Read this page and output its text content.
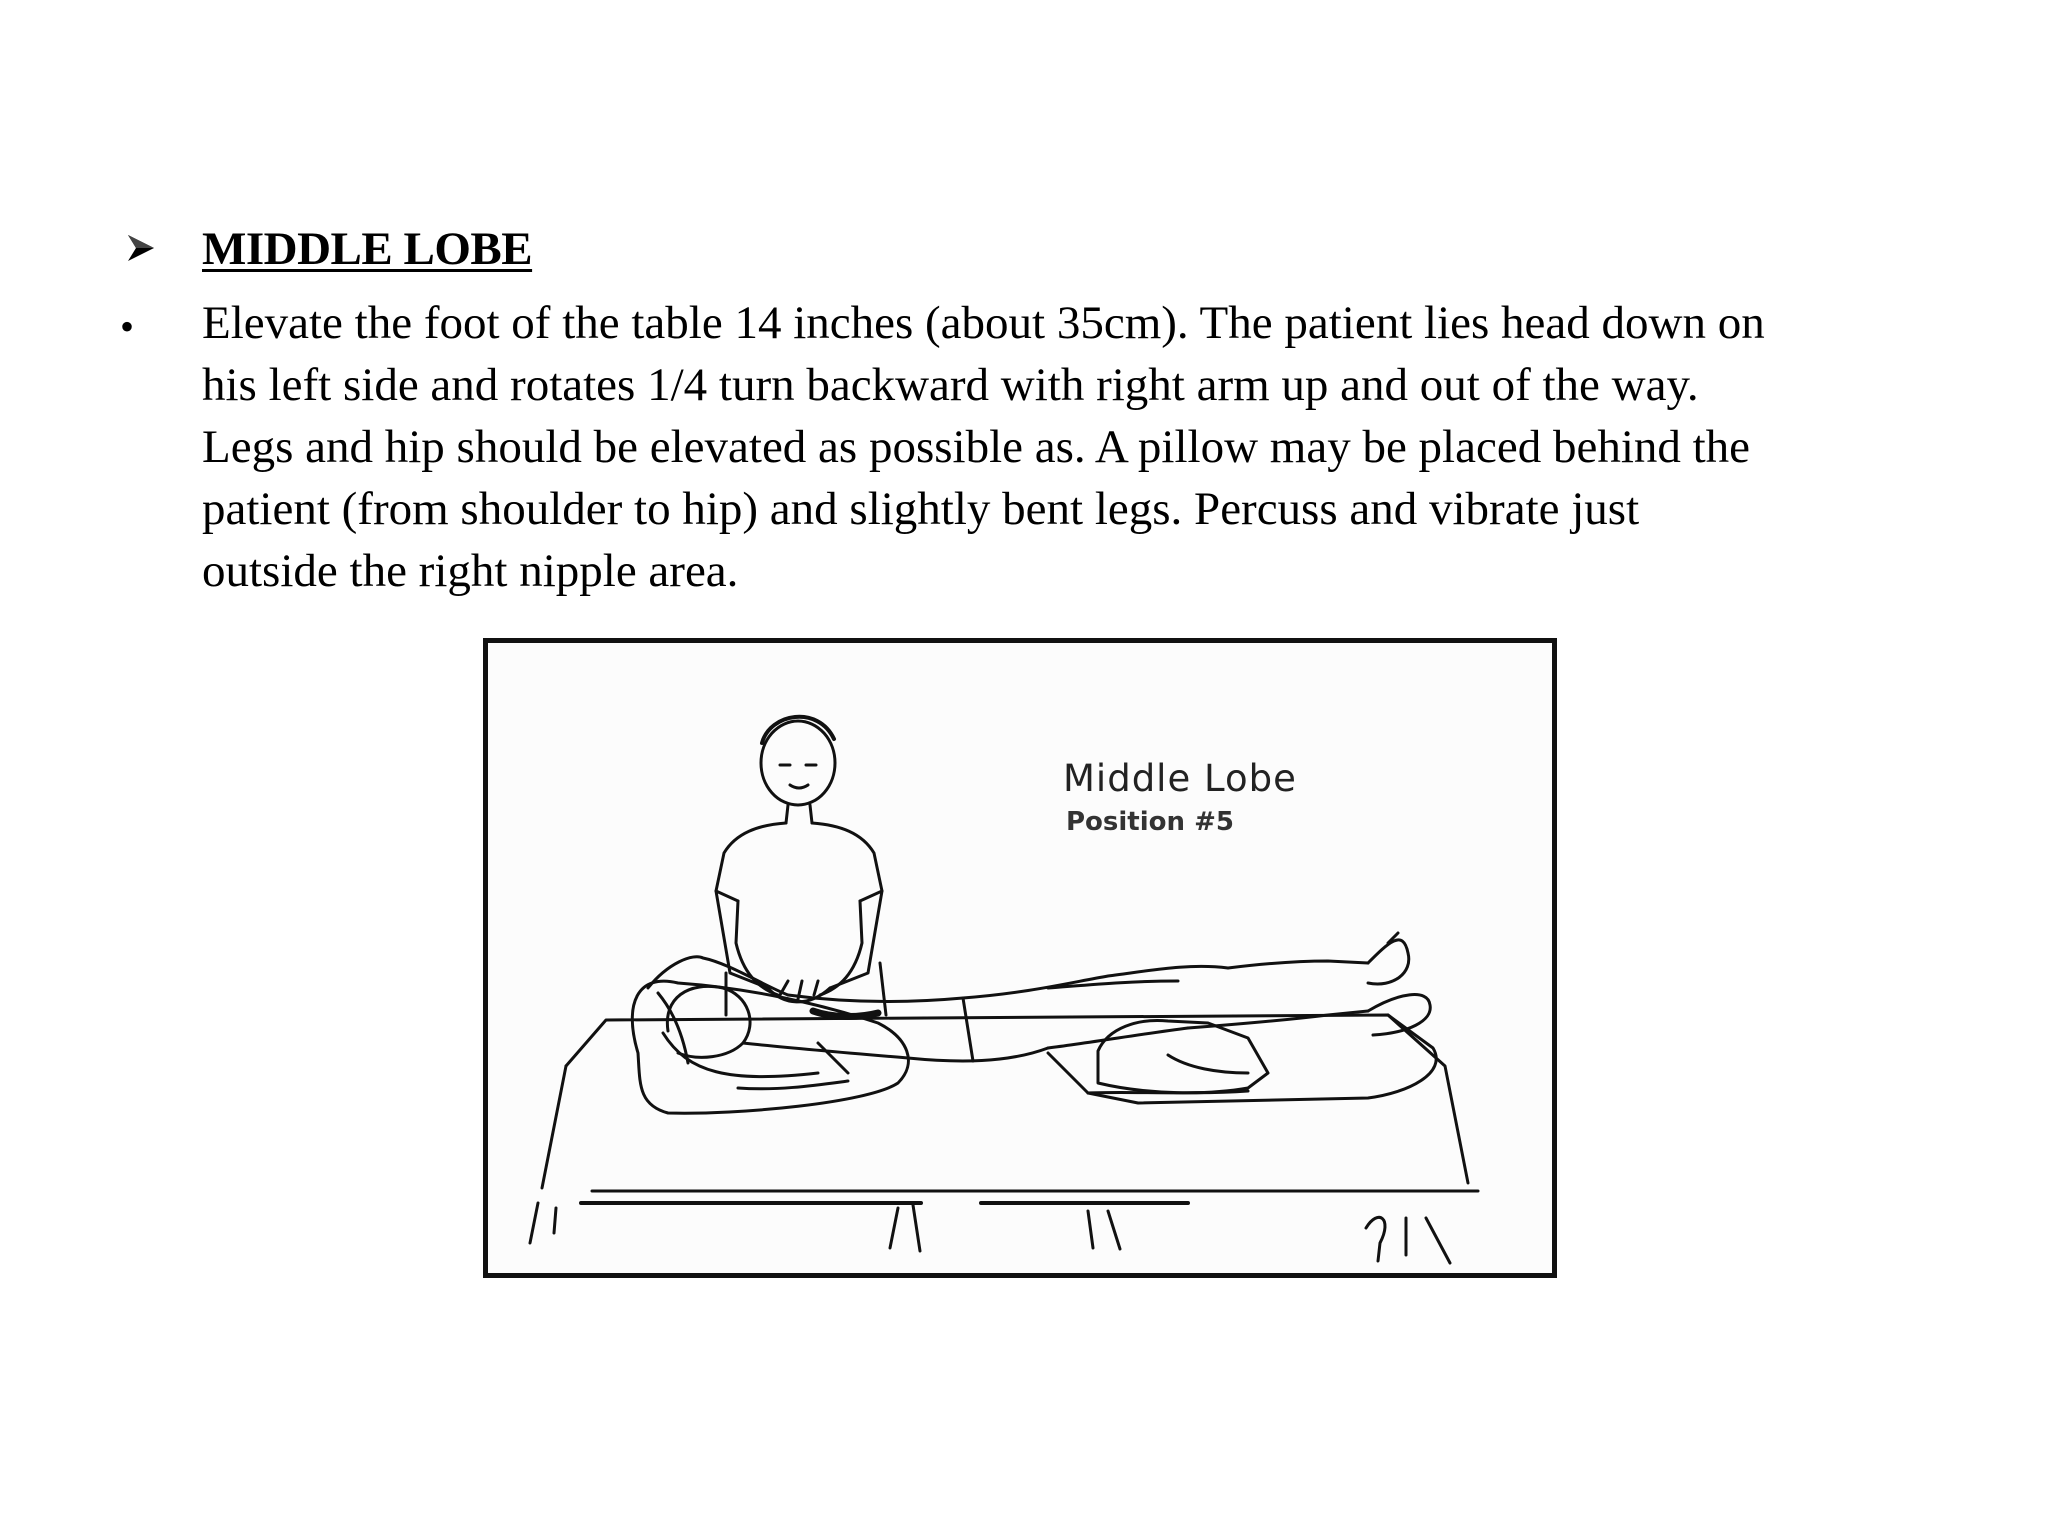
MIDDLE LOBE
• Elevate the foot of the table 14 inches (about 35cm). The patient lies head down on
his left side and rotates 1/4 turn backward with right arm up and out of the way.
Legs and hip should be elevated as possible as. A pillow may be placed behind the
patient (from shoulder to hip) and slightly bent legs. Percuss and vibrate just
outside the right nipple area.

Middle Lobe
Position #5
